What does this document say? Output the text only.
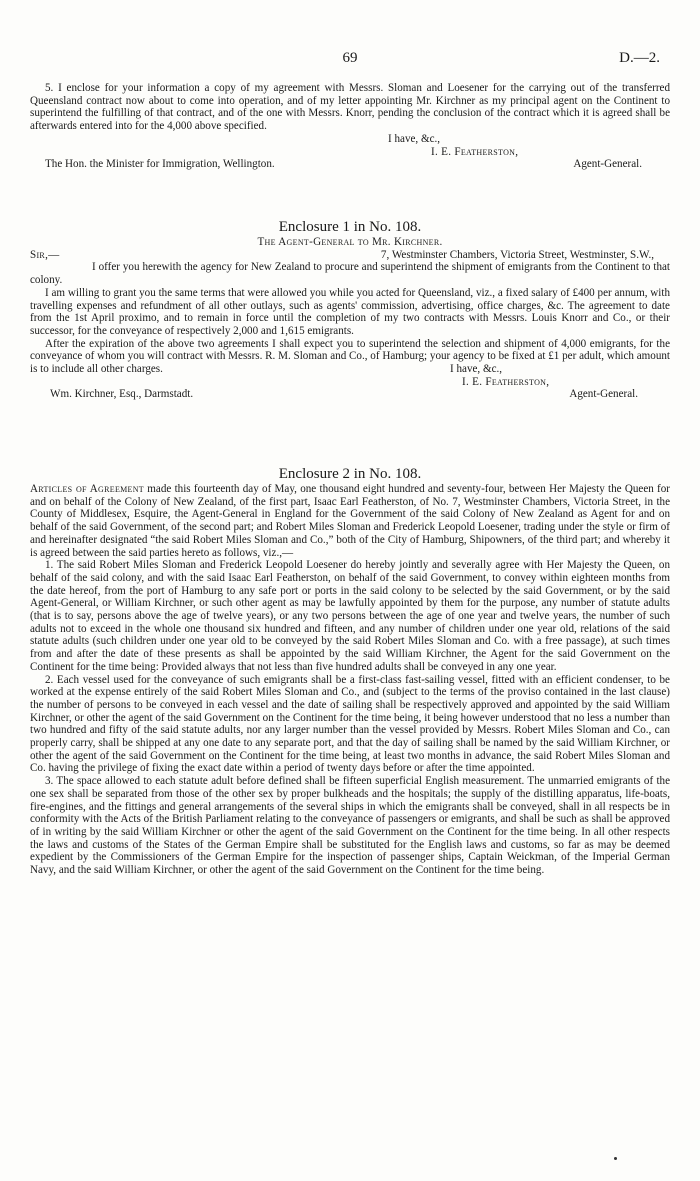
69	D.—2.

5. I enclose for your information a copy of my agreement with Messrs. Sloman and Loesener for the carrying out of the transferred Queensland contract now about to come into operation, and of my letter appointing Mr. Kirchner as my principal agent on the Continent to superintend the fulfilling of that contract, and of the one with Messrs. Knorr, pending the conclusion of the contract which it is agreed shall be afterwards entered into for the 4,000 above specified.

I have, &c.,

I. E. Featherston,

The Hon. the Minister for Immigration, Wellington.	Agent-General.

Enclosure 1 in No. 108.

The Agent-General to Mr. Kirchner.

Sir,—	7, Westminster Chambers, Victoria Street, Westminster, S.W.,

I offer you herewith the agency for New Zealand to procure and superintend the shipment of emigrants from the Continent to that colony.

I am willing to grant you the same terms that were allowed you while you acted for Queensland, viz., a fixed salary of £400 per annum, with travelling expenses and refundment of all other outlays, such as agents' commission, advertising, office charges, &c. The agreement to date from the 1st April proximo, and to remain in force until the completion of my two contracts with Messrs. Louis Knorr and Co., or their successor, for the conveyance of respectively 2,000 and 1,615 emigrants.

After the expiration of the above two agreements I shall expect you to superintend the selection and shipment of 4,000 emigrants, for the conveyance of whom you will contract with Messrs. R. M. Sloman and Co., of Hamburg; your agency to be fixed at £1 per adult, which amount is to include all other charges.	I have, &c.,

I. E. Featherston,

Wm. Kirchner, Esq., Darmstadt.	Agent-General.

Enclosure 2 in No. 108.

Articles of Agreement made this fourteenth day of May, one thousand eight hundred and seventy-four, between Her Majesty the Queen for and on behalf of the Colony of New Zealand, of the first part, Isaac Earl Featherston, of No. 7, Westminster Chambers, Victoria Street, in the County of Middlesex, Esquire, the Agent-General in England for the Government of the said Colony of New Zealand as Agent for and on behalf of the said Government, of the second part; and Robert Miles Sloman and Frederick Leopold Loesener, trading under the style or firm of and hereinafter designated “the said Robert Miles Sloman and Co.,” both of the City of Hamburg, Shipowners, of the third part; and whereby it is agreed between the said parties hereto as follows, viz.,—

1. The said Robert Miles Sloman and Frederick Leopold Loesener do hereby jointly and severally agree with Her Majesty the Queen, on behalf of the said colony, and with the said Isaac Earl Featherston, on behalf of the said Government, to convey within eighteen months from the date hereof, from the port of Hamburg to any safe port or ports in the said colony to be selected by the said Government, or by the said Agent-General, or William Kirchner, or such other agent as may be lawfully appointed by them for the purpose, any number of statute adults (that is to say, persons above the age of twelve years), or any two persons between the age of one year and twelve years, the number of such adults not to exceed in the whole one thousand six hundred and fifteen, and any number of children under one year old, relations of the said statute adults (such children under one year old to be conveyed by the said Robert Miles Sloman and Co. with a free passage), at such times from and after the date of these presents as shall be appointed by the said William Kirchner, the Agent for the said Government on the Continent for the time being: Provided always that not less than five hundred adults shall be conveyed in any one year.

2. Each vessel used for the conveyance of such emigrants shall be a first-class fast-sailing vessel, fitted with an efficient condenser, to be worked at the expense entirely of the said Robert Miles Sloman and Co., and (subject to the terms of the proviso contained in the last clause) the number of persons to be conveyed in each vessel and the date of sailing shall be respectively approved and appointed by the said William Kirchner, or other the agent of the said Government on the Continent for the time being, it being however understood that no less a number than two hundred and fifty of the said statute adults, nor any larger number than the vessel provided by Messrs. Robert Miles Sloman and Co., can properly carry, shall be shipped at any one date to any separate port, and that the day of sailing shall be named by the said William Kirchner, or other the agent of the said Government on the Continent for the time being, at least two months in advance, the said Robert Miles Sloman and Co. having the privilege of fixing the exact date within a period of twenty days before or after the time appointed.

3. The space allowed to each statute adult before defined shall be fifteen superficial English measurement. The unmarried emigrants of the one sex shall be separated from those of the other sex by proper bulkheads and the hospitals; the supply of the distilling apparatus, life-boats, fire-engines, and the fittings and general arrangements of the several ships in which the emigrants shall be conveyed, shall in all respects be in conformity with the Acts of the British Parliament relating to the conveyance of passengers or emigrants, and shall be such as shall be approved of in writing by the said William Kirchner or other the agent of the said Government on the Continent for the time being. In all other respects the laws and customs of the States of the German Empire shall be substituted for the English laws and customs, so far as may be deemed expedient by the Commissioners of the German Empire for the inspection of passenger ships, Captain Weickman, of the Imperial German Navy, and the said William Kirchner, or other the agent of the said Government on the Continent for the time being.
